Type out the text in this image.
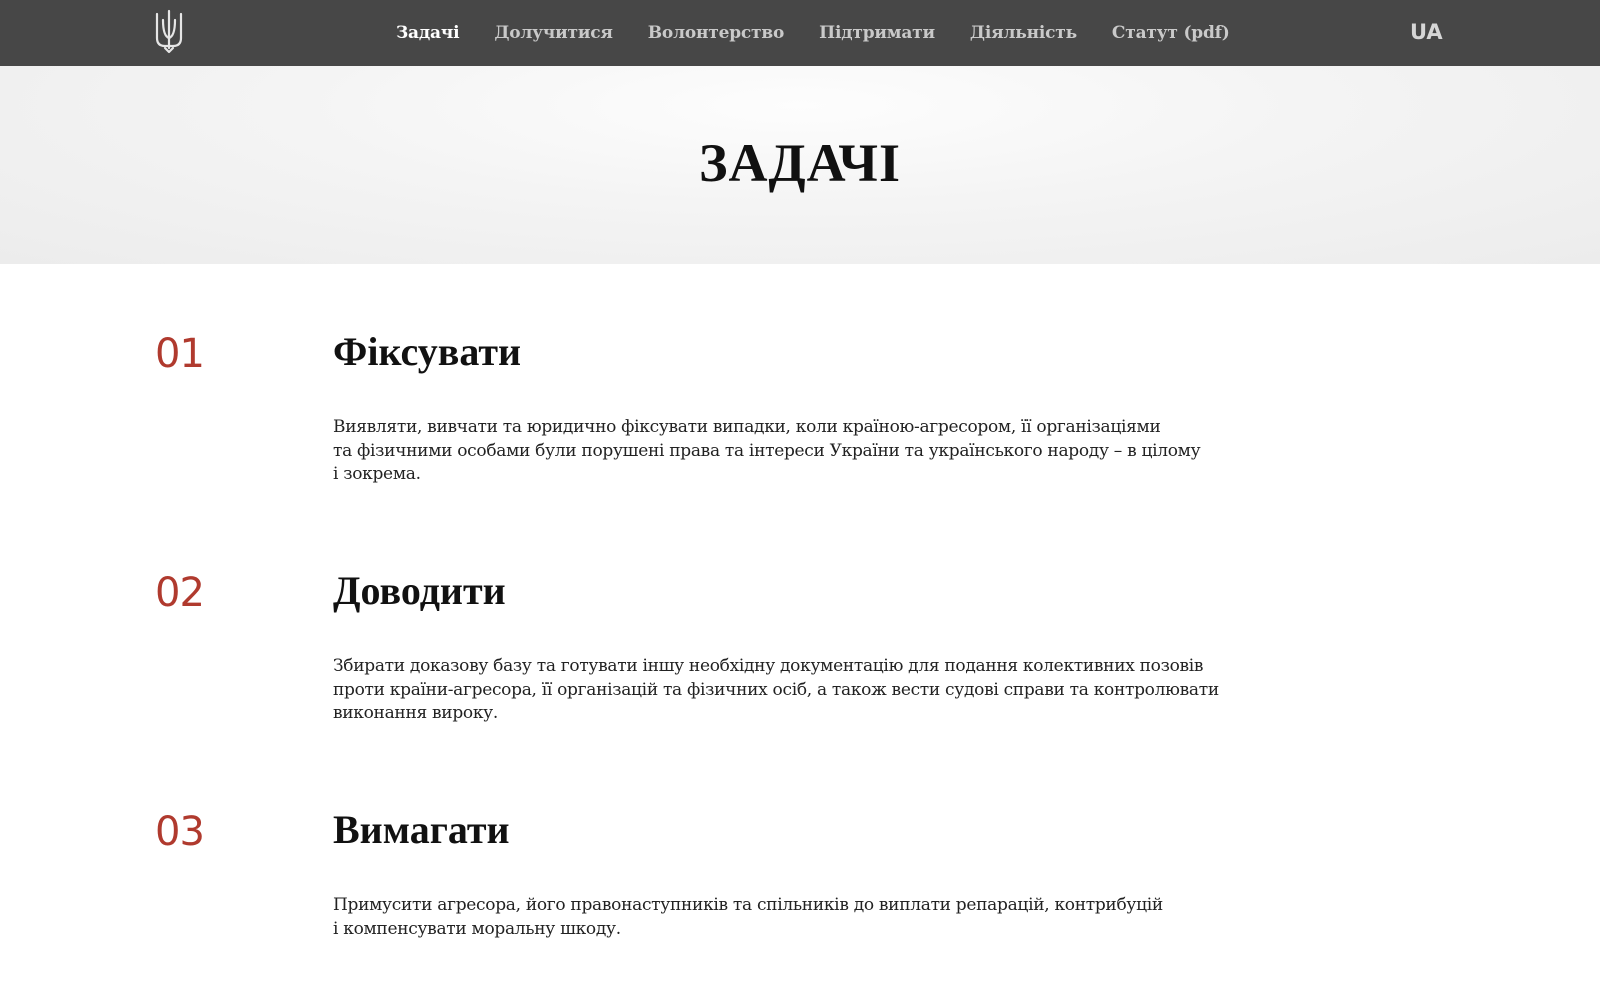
Задачі Долучитися Волонтерство Підтримати Діяльність Статут (pdf)	UA
ЗАДАЧІ
01	Фіксувати

Виявляти, вивчати та юридично фіксувати випадки, коли країною-агресором, її організаціями
та фізичними особами були порушені права та інтереси України та українського народу – в цілому
і зокрема.

02	Доводити

Збирати доказову базу та готувати іншу необхідну документацію для подання колективних позовів
проти країни-агресора, її організацій та фізичних осіб, а також вести судові справи та контролювати
виконання вироку.

03	Вимагати

Примусити агресора, його правонаступників та спільників до виплати репарацій, контрибуцій
і компенсувати моральну шкоду.
